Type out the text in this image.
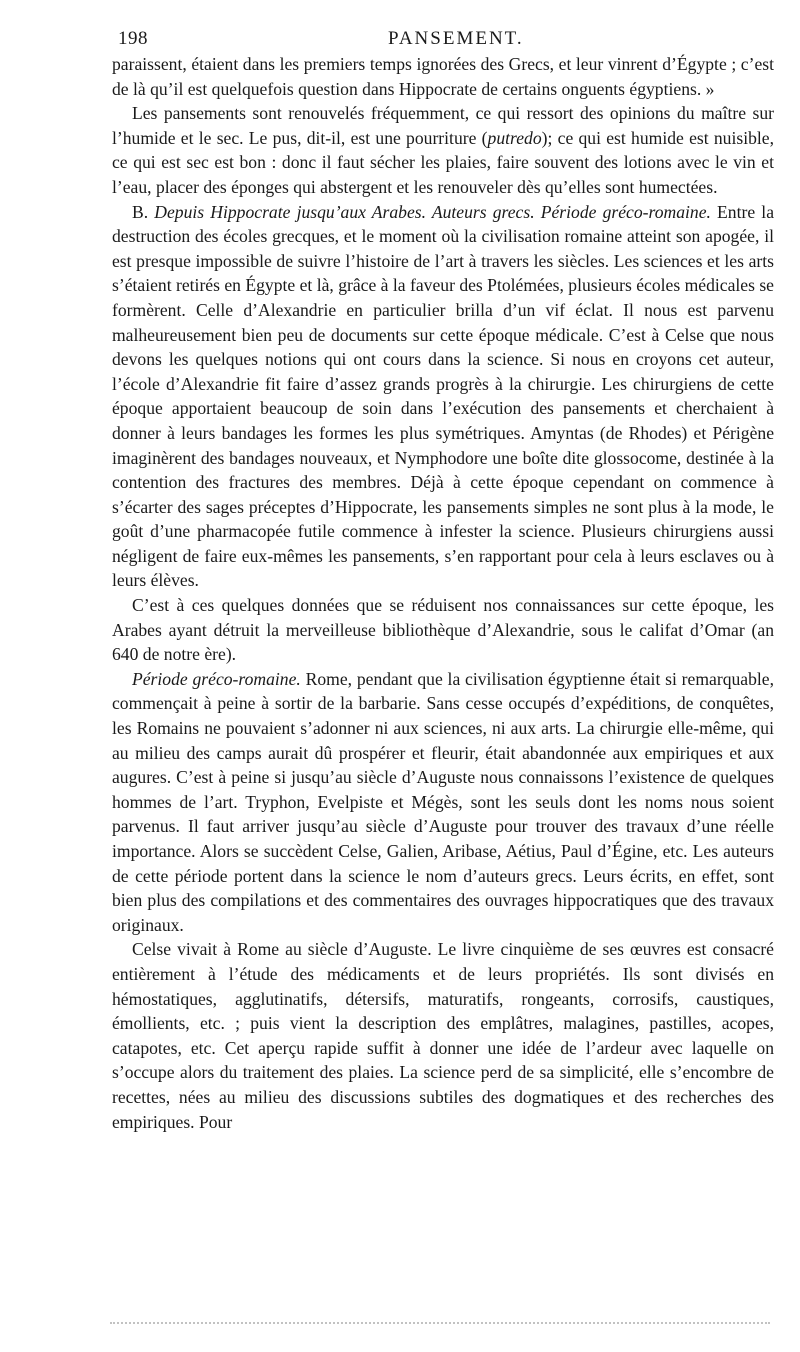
198	PANSEMENT.

paraissent, étaient dans les premiers temps ignorées des Grecs, et leur vinrent d’Égypte ; c’est de là qu’il est quelquefois question dans Hippocrate de certains onguents égyptiens. »

Les pansements sont renouvelés fréquemment, ce qui ressort des opinions du maître sur l’humide et le sec. Le pus, dit-il, est une pourriture (putredo); ce qui est humide est nuisible, ce qui est sec est bon : donc il faut sécher les plaies, faire souvent des lotions avec le vin et l’eau, placer des éponges qui abstergent et les renouveler dès qu’elles sont humectées.

B. Depuis Hippocrate jusqu’aux Arabes. Auteurs grecs. Période gréco-romaine. Entre la destruction des écoles grecques, et le moment où la civilisation romaine atteint son apogée, il est presque impossible de suivre l’histoire de l’art à travers les siècles. Les sciences et les arts s’étaient retirés en Égypte et là, grâce à la faveur des Ptolémées, plusieurs écoles médicales se formèrent. Celle d’Alexandrie en particulier brilla d’un vif éclat. Il nous est parvenu malheureusement bien peu de documents sur cette époque médicale. C’est à Celse que nous devons les quelques notions qui ont cours dans la science. Si nous en croyons cet auteur, l’école d’Alexandrie fit faire d’assez grands progrès à la chirurgie. Les chirurgiens de cette époque apportaient beaucoup de soin dans l’exécution des pansements et cherchaient à donner à leurs bandages les formes les plus symétriques. Amyntas (de Rhodes) et Périgène imaginèrent des bandages nouveaux, et Nymphodore une boîte dite glossocome, destinée à la contention des fractures des membres. Déjà à cette époque cependant on commence à s’écarter des sages préceptes d’Hippocrate, les pansements simples ne sont plus à la mode, le goût d’une pharmacopée futile commence à infester la science. Plusieurs chirurgiens aussi négligent de faire eux-mêmes les pansements, s’en rapportant pour cela à leurs esclaves ou à leurs élèves.

C’est à ces quelques données que se réduisent nos connaissances sur cette époque, les Arabes ayant détruit la merveilleuse bibliothèque d’Alexandrie, sous le califat d’Omar (an 640 de notre ère).

Période gréco-romaine. Rome, pendant que la civilisation égyptienne était si remarquable, commençait à peine à sortir de la barbarie. Sans cesse occupés d’expéditions, de conquêtes, les Romains ne pouvaient s’adonner ni aux sciences, ni aux arts. La chirurgie elle-même, qui au milieu des camps aurait dû prospérer et fleurir, était abandonnée aux empiriques et aux augures. C’est à peine si jusqu’au siècle d’Auguste nous connaissons l’existence de quelques hommes de l’art. Tryphon, Evelpiste et Mégès, sont les seuls dont les noms nous soient parvenus. Il faut arriver jusqu’au siècle d’Auguste pour trouver des travaux d’une réelle importance. Alors se succèdent Celse, Galien, Aribase, Aétius, Paul d’Égine, etc. Les auteurs de cette période portent dans la science le nom d’auteurs grecs. Leurs écrits, en effet, sont bien plus des compilations et des commentaires des ouvrages hippocratiques que des travaux originaux.

Celse vivait à Rome au siècle d’Auguste. Le livre cinquième de ses œuvres est consacré entièrement à l’étude des médicaments et de leurs propriétés. Ils sont divisés en hémostatiques, agglutinatifs, détersifs, maturatifs, rongeants, corrosifs, caustiques, émollients, etc. ; puis vient la description des emplâtres, malagines, pastilles, acopes, catapotes, etc. Cet aperçu rapide suffit à donner une idée de l’ardeur avec laquelle on s’occupe alors du traitement des plaies. La science perd de sa simplicité, elle s’encombre de recettes, nées au milieu des discussions subtiles des dogmatiques et des recherches des empiriques. Pour
